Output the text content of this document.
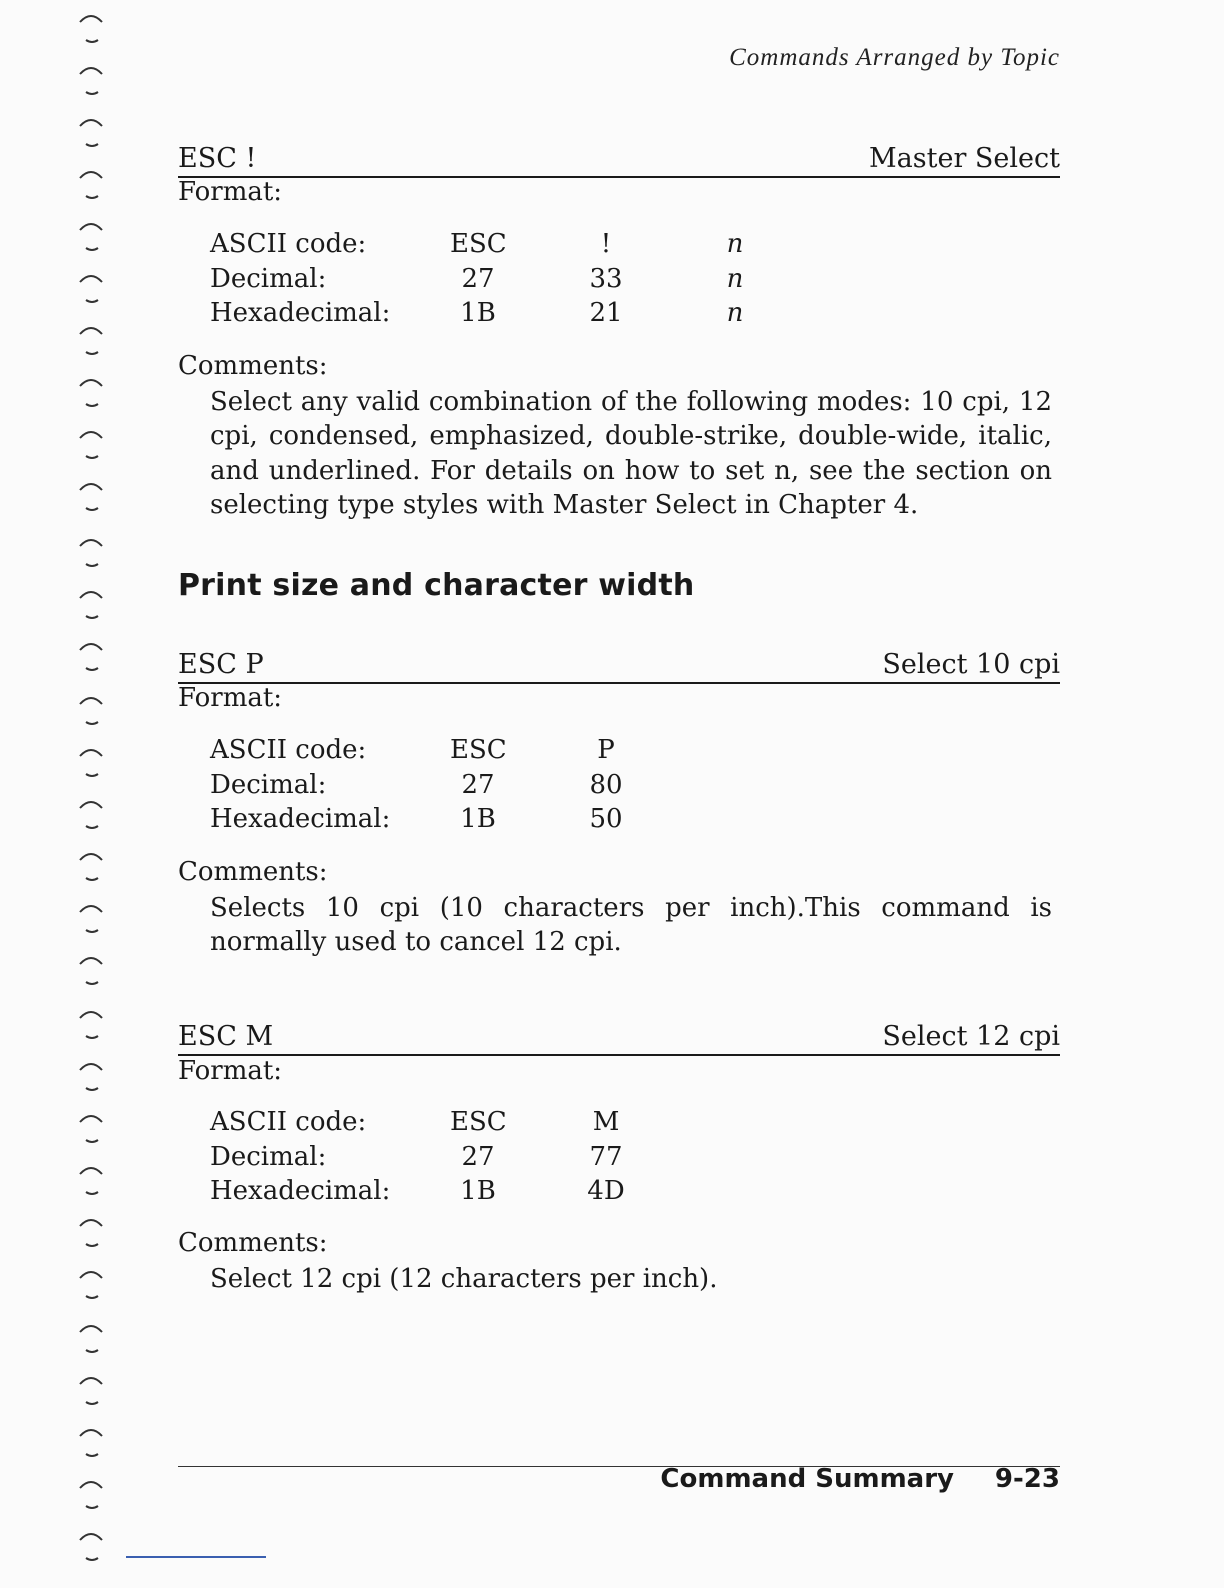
Commands Arranged by Topic
ESC !	Master Select
Format:
ASCII code:	ESC	!	n
Decimal:	27	33	n
Hexadecimal:	1B	21	n
Comments:
Select any valid combination of the following modes: 10 cpi, 12 cpi, condensed, emphasized, double-strike, double-wide, italic, and underlined. For details on how to set n, see the section on selecting type styles with Master Select in Chapter 4.
Print size and character width
ESC P	Select 10 cpi
Format:
ASCII code:	ESC	P
Decimal:	27	80
Hexadecimal:	1B	50
Comments:
Selects 10 cpi (10 characters per inch).This command is normally used to cancel 12 cpi.
ESC M	Select 12 cpi
Format:
ASCII code:	ESC	M
Decimal:	27	77
Hexadecimal:	1B	4D
Comments:
Select 12 cpi (12 characters per inch).
Command Summary 9-23
